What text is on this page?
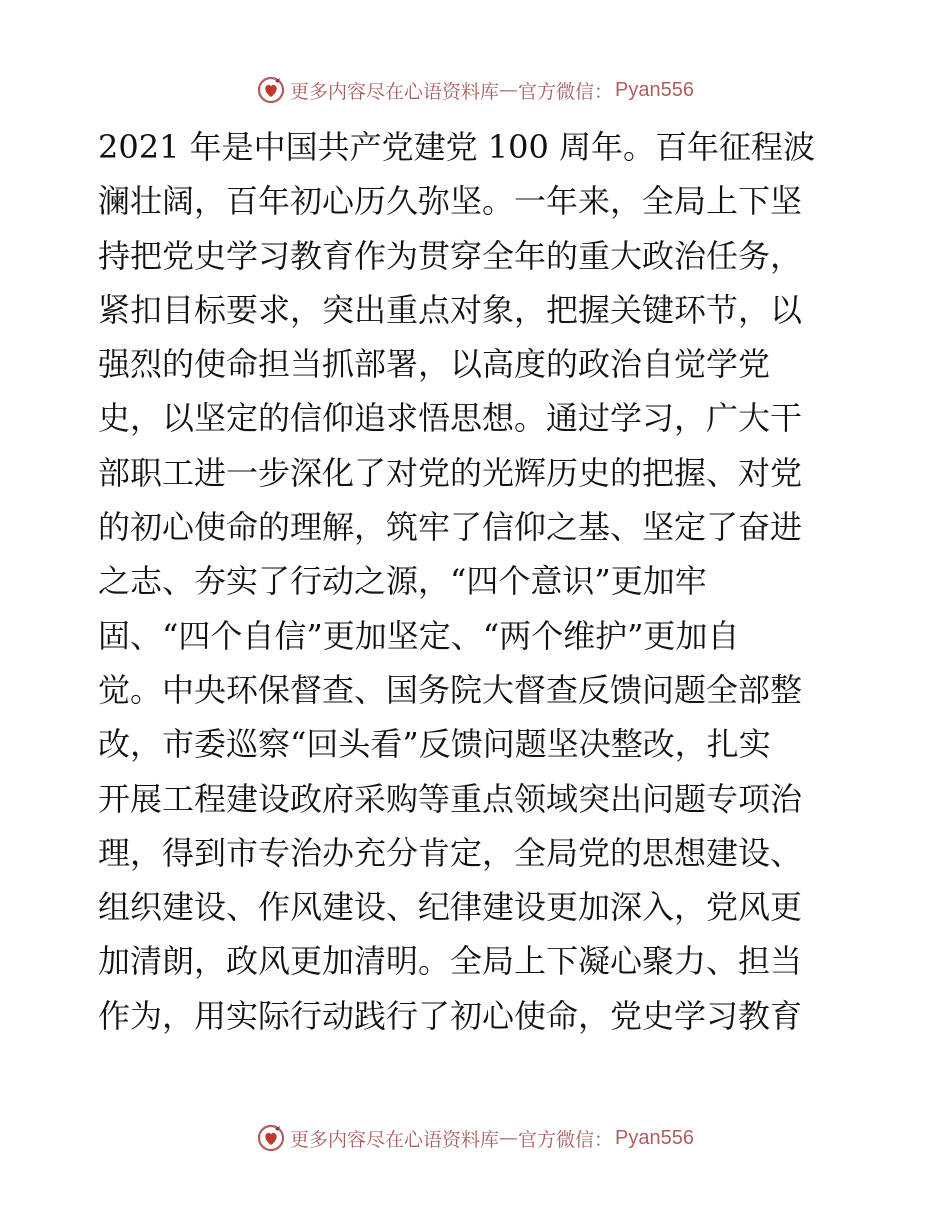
更多内容尽在心语资料库 — 官方微信： Pyan556
2021 年是中国共产党建党 100 周年。百年征程波
澜壮阔，百年初心历久弥坚。一年来，全局上下坚
持把党史学习教育作为贯穿全年的重大政治任务，
紧扣目标要求，突出重点对象，把握关键环节，以
强烈的使命担当抓部署，以高度的政治自觉学党
史，以坚定的信仰追求悟思想。通过学习，广大干
部职工进一步深化了对党的光辉历史的把握、对党
的初心使命的理解，筑牢了信仰之基、坚定了奋进
之志、夯实了行动之源，“四个意识”更加牢
固、“四个自信”更加坚定、“两个维护”更加自
觉。中央环保督查、国务院大督查反馈问题全部整
改，市委巡察“回头看”反馈问题坚决整改，扎实
开展工程建设政府采购等重点领域突出问题专项治
理，得到市专治办充分肯定，全局党的思想建设、
组织建设、作风建设、纪律建设更加深入，党风更
加清朗，政风更加清明。全局上下凝心聚力、担当
作为，用实际行动践行了初心使命，党史学习教育
更多内容尽在心语资料库 — 官方微信： Pyan556
